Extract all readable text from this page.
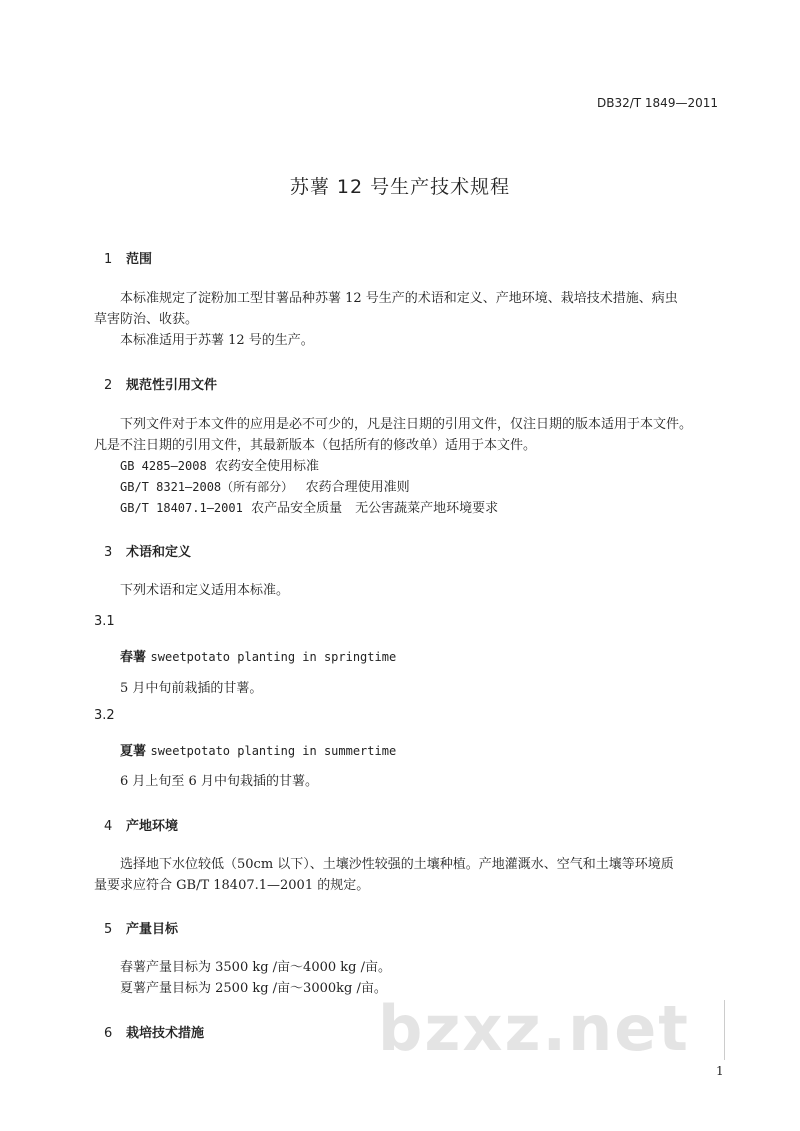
DB32/T 1849—2011
苏薯 12 号生产技术规程
1 范围
本标准规定了淀粉加工型甘薯品种苏薯 12 号生产的术语和定义、产地环境、栽培技术措施、病虫
草害防治、收获。
本标准适用于苏薯 12 号的生产。
2 规范性引用文件
下列文件对于本文件的应用是必不可少的，凡是注日期的引用文件，仅注日期的版本适用于本文件。
凡是不注日期的引用文件，其最新版本（包括所有的修改单）适用于本文件。
GB 4285—2008 农药安全使用标准
GB/T 8321—2008（所有部分） 农药合理使用准则
GB/T 18407.1—2001 农产品安全质量　无公害蔬菜产地环境要求
3 术语和定义
下列术语和定义适用本标准。
3.1
春薯 sweetpotato planting in springtime
5 月中旬前栽插的甘薯。
3.2
夏薯 sweetpotato planting in summertime
6 月上旬至 6 月中旬栽插的甘薯。
4 产地环境
选择地下水位较低（50cm 以下）、土壤沙性较强的土壤种植。产地灌溉水、空气和土壤等环境质
量要求应符合 GB/T 18407.1—2001 的规定。
5 产量目标
春薯产量目标为 3500 kg /亩～4000 kg /亩。
夏薯产量目标为 2500 kg /亩～3000kg /亩。
6 栽培技术措施	bzxz.net
1
